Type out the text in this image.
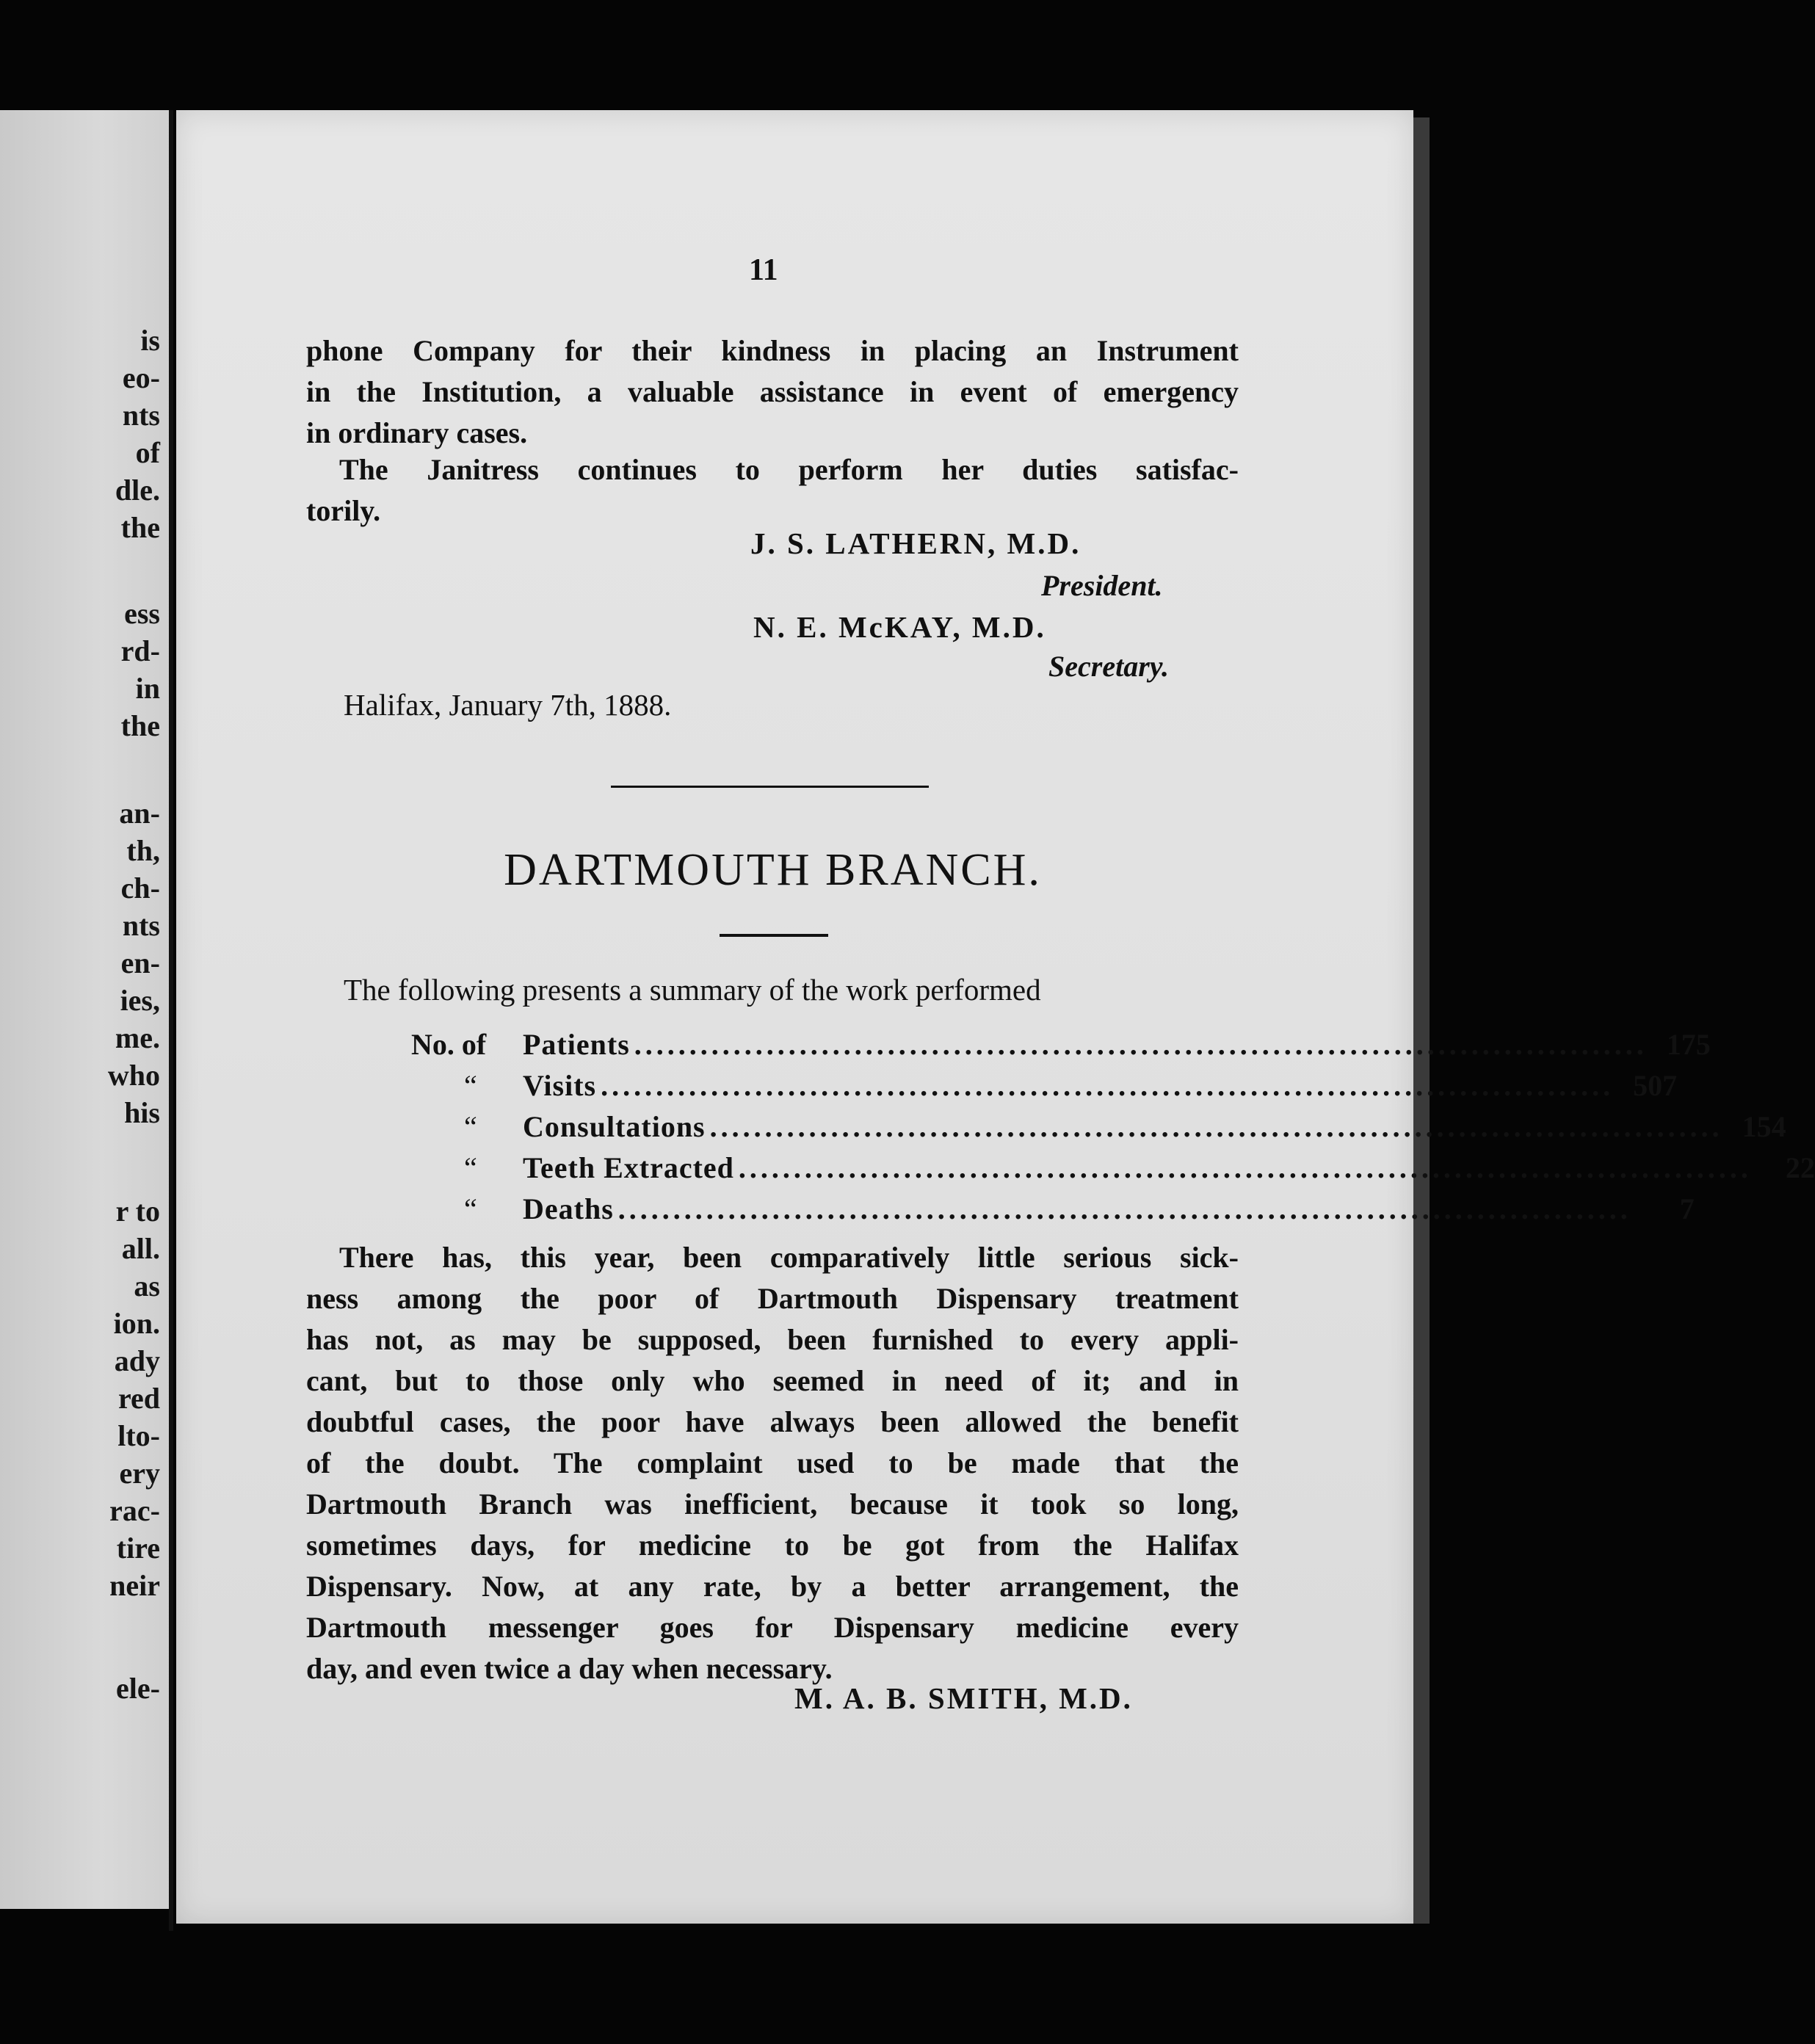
is
eo-
nts
of
dle.
the
ess
rd-
in
the
an-
th,
ch-
nts
en-
ies,
me.
who
his
r to
all.
as
ion.
ady
red
lto-
ery
rac-
tire
neir
ele-
11
phone Company for their kindness in placing an Instrument
in the Institution, a valuable assistance in event of emergency
in ordinary cases.
The Janitress continues to perform her duties satisfac-
torily.
J. S. LATHERN, M.D.
President.
N. E. McKAY, M.D.
Secretary.
Halifax, January 7th, 1888.
DARTMOUTH BRANCH.
The following presents a summary of the work performed
No. of	Patients ............................................................................................ 175
“	Visits ............................................................................................ 507
“	Consultations ............................................................................................ 154
“	Teeth Extracted ............................................................................................	22
“	Deaths ............................................................................................	7
There has, this year, been comparatively little serious sick-
ness among the poor of Dartmouth Dispensary treatment
has not, as may be supposed, been furnished to every appli-
cant, but to those only who seemed in need of it; and in
doubtful cases, the poor have always been allowed the benefit
of the doubt. The complaint used to be made that the
Dartmouth Branch was inefficient, because it took so long,
sometimes days, for medicine to be got from the Halifax
Dispensary. Now, at any rate, by a better arrangement, the
Dartmouth messenger goes for Dispensary medicine every
day, and even twice a day when necessary.
M. A. B. SMITH, M.D.
